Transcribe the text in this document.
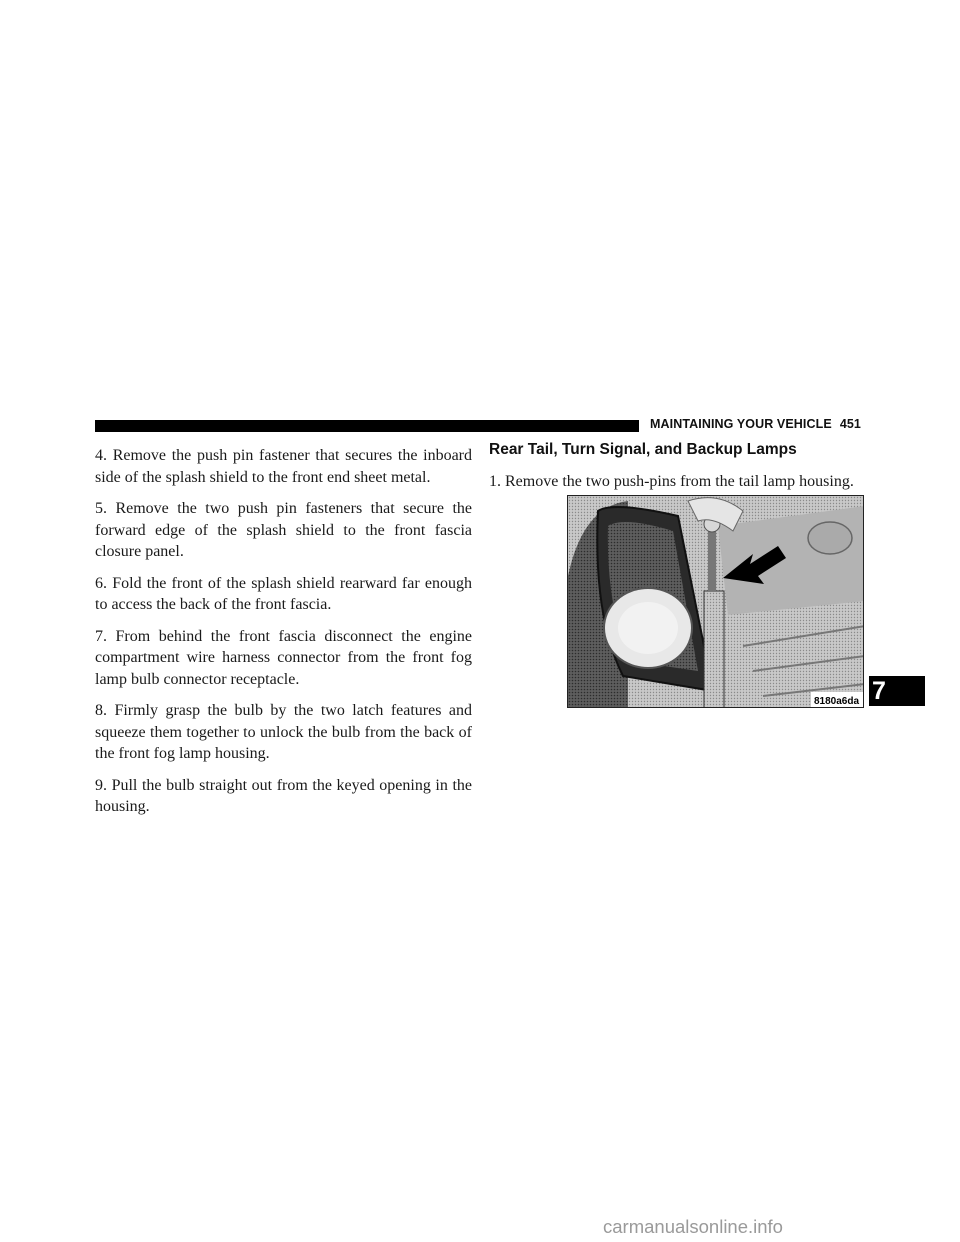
MAINTAINING YOUR VEHICLE 451

4. Remove the push pin fastener that secures the inboard side of the splash shield to the front end sheet metal.

5. Remove the two push pin fasteners that secure the forward edge of the splash shield to the front fascia closure panel.

6. Fold the front of the splash shield rearward far enough to access the back of the front fascia.

7. From behind the front fascia disconnect the engine compartment wire harness connector from the front fog lamp bulb connector receptacle.

8. Firmly grasp the bulb by the two latch features and squeeze them together to unlock the bulb from the back of the front fog lamp housing.

9. Pull the bulb straight out from the keyed opening in the housing.

Rear Tail, Turn Signal, and Backup Lamps

1. Remove the two push-pins from the tail lamp housing.

8180a6da 7
carmanualsonline.info
